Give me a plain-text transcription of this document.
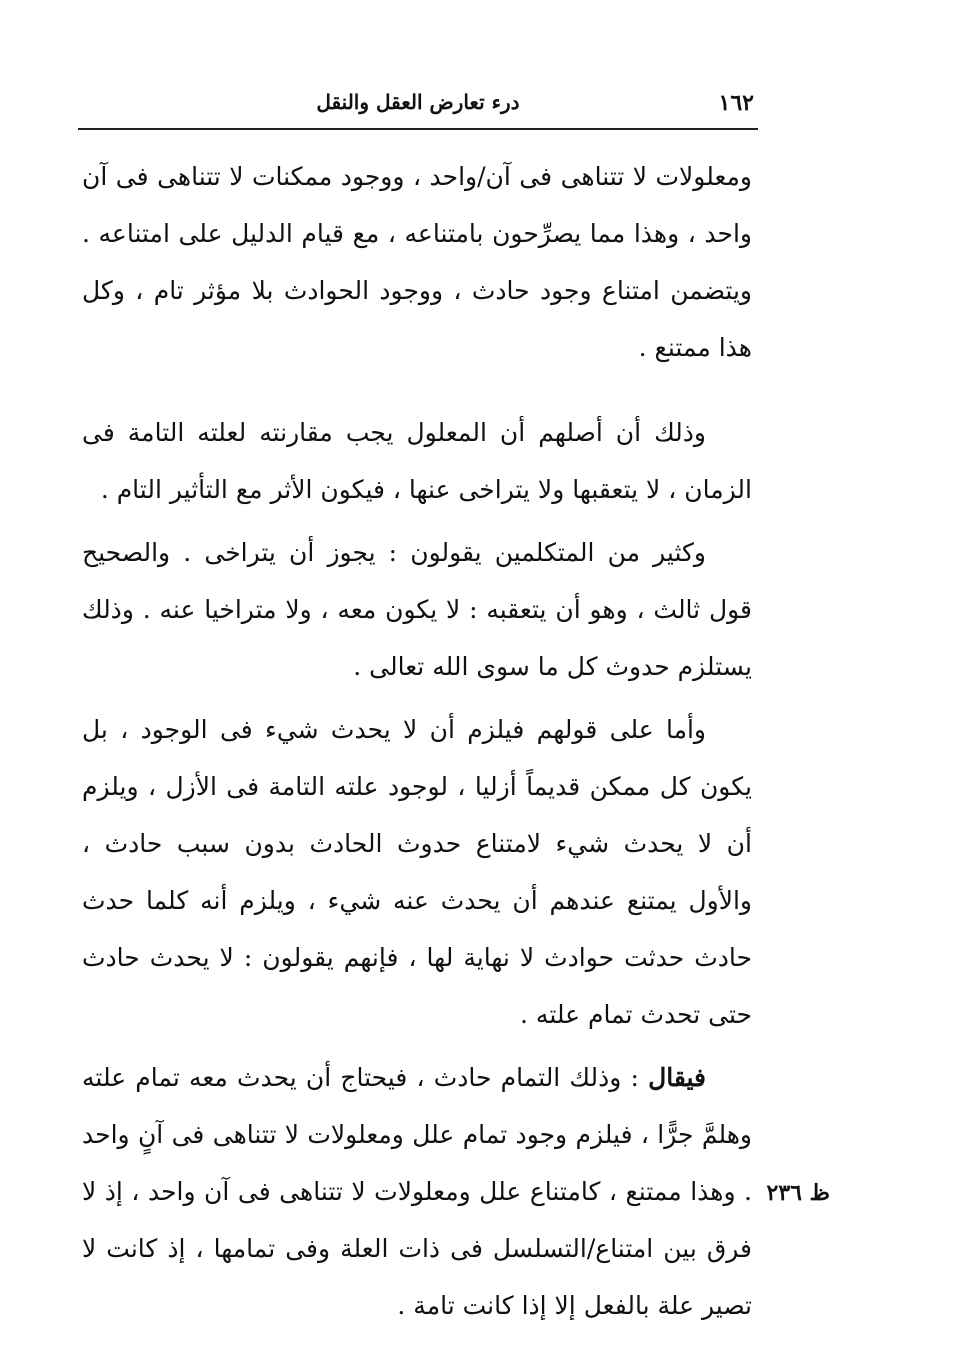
١٦٢
درء تعارض العقل والنقل

ومعلولات لا تتناهى فى آن/واحد ، ووجود ممكنات لا تتناهى فى آن واحد ، وهذا مما يصرِّحون بامتناعه ، مع قيام الدليل على امتناعه . ويتضمن امتناع وجود حادث ، ووجود الحوادث بلا مؤثر تام ، وكل هذا ممتنع .

وذلك أن أصلهم أن المعلول يجب مقارنته لعلته التامة فى الزمان ، لا يتعقبها ولا يتراخى عنها ، فيكون الأثر مع التأثير التام .

وكثير من المتكلمين يقولون : يجوز أن يتراخى . والصحيح قول ثالث ، وهو أن يتعقبه : لا يكون معه ، ولا متراخيا عنه . وذلك يستلزم حدوث كل ما سوى الله تعالى .

وأما على قولهم فيلزم أن لا يحدث شيء فى الوجود ، بل يكون كل ممكن قديماً أزليا ، لوجود علته التامة فى الأزل ، ويلزم أن لا يحدث شيء لامتناع حدوث الحادث بدون سبب حادث ، والأول يمتنع عندهم أن يحدث عنه شيء ، ويلزم أنه كلما حدث حادث حدثت حوادث لا نهاية لها ، فإنهم يقولون : لا يحدث حادث حتى تحدث تمام علته .

فيقال : وذلك التمام حادث ، فيحتاج أن يحدث معه تمام علته وهلمَّ جرًّا ، فيلزم وجود تمام علل ومعلولات لا تتناهى فى آنٍ واحد . وهذا ممتنع ، كامتناع علل ومعلولات لا تتناهى فى آن واحد ، إذ لا فرق بين امتناع/التسلسل فى ذات العلة وفى تمامها ، إذ كانت لا تصير علة بالفعل إلا إذا كانت تامة .

ظ ٢٣٦
